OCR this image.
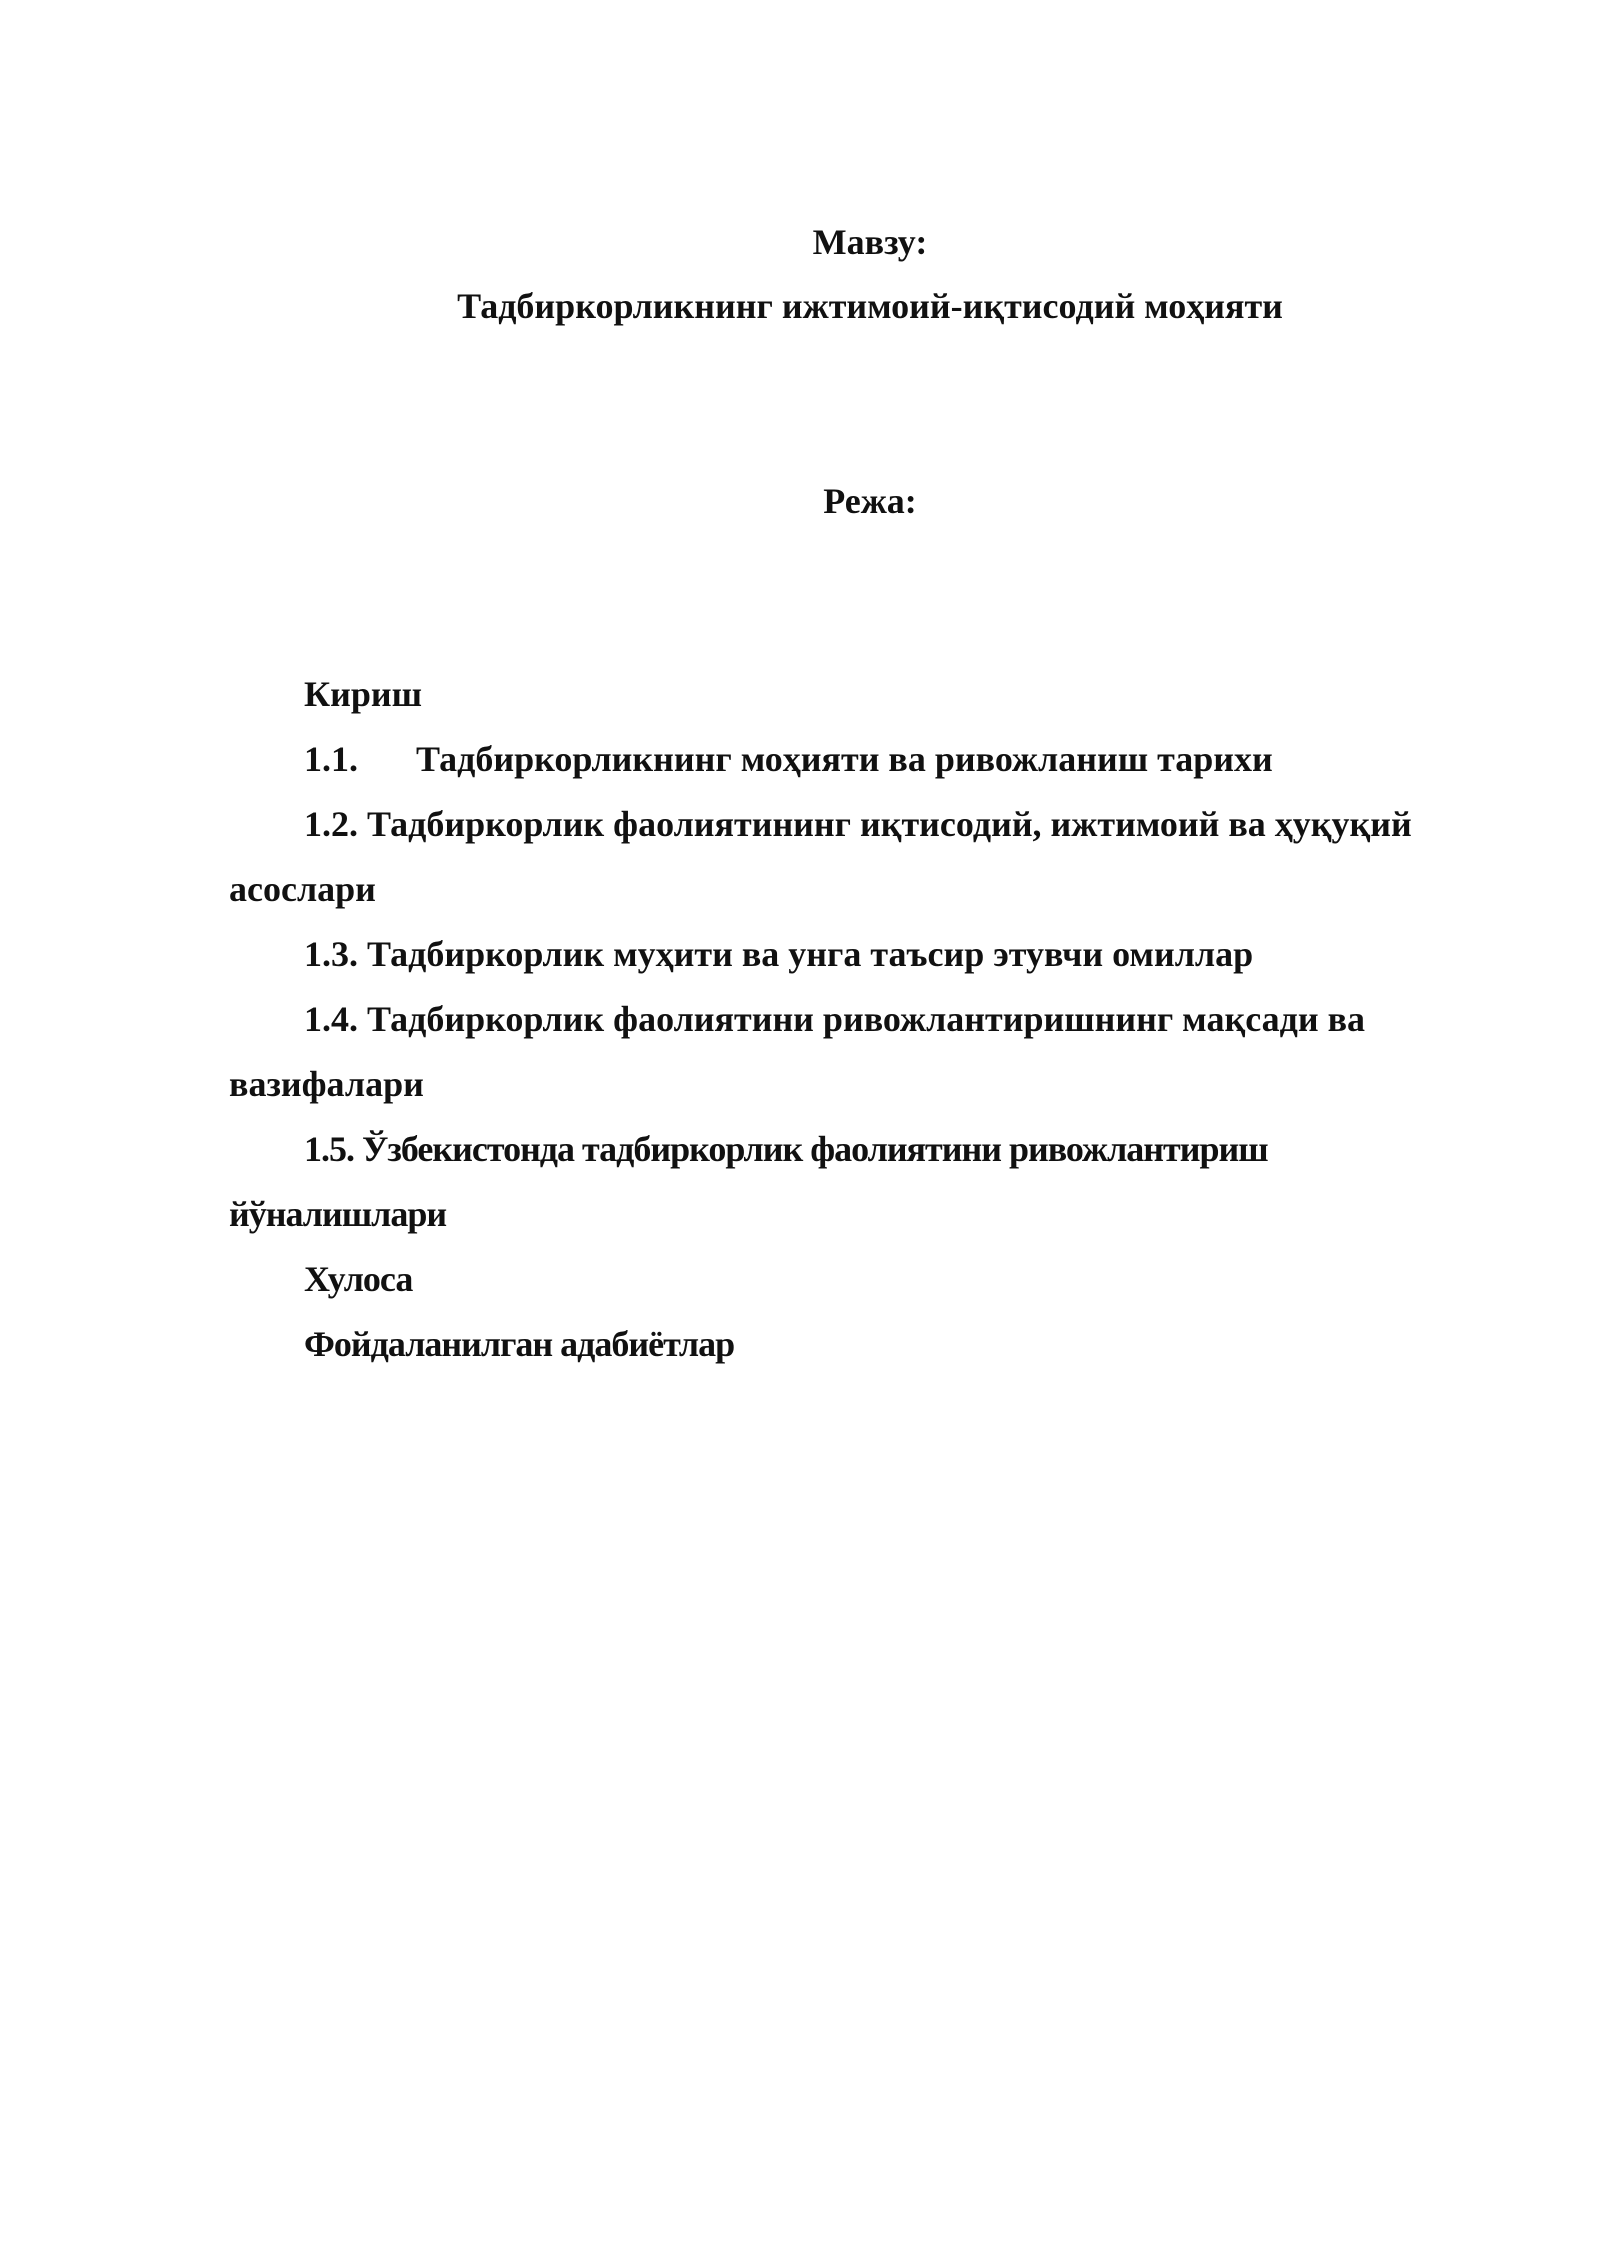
Мавзу:
Тадбиркорликнинг ижтимоий-иқтисодий моҳияти
Режа:
Кириш
1.1. Тадбиркорликнинг моҳияти ва ривожланиш тарихи
1.2. Тадбиркорлик фаолиятининг иқтисодий, ижтимоий ва ҳуқуқий
асослари
1.3. Тадбиркорлик муҳити ва унга таъсир этувчи омиллар
1.4. Тадбиркорлик фаолиятини ривожлантиришнинг мақсади ва
вазифалари
1.5. Ўзбекистонда тадбиркорлик фаолиятини ривожлантириш
йўналишлари
Хулоса
Фойдаланилган адабиётлар
